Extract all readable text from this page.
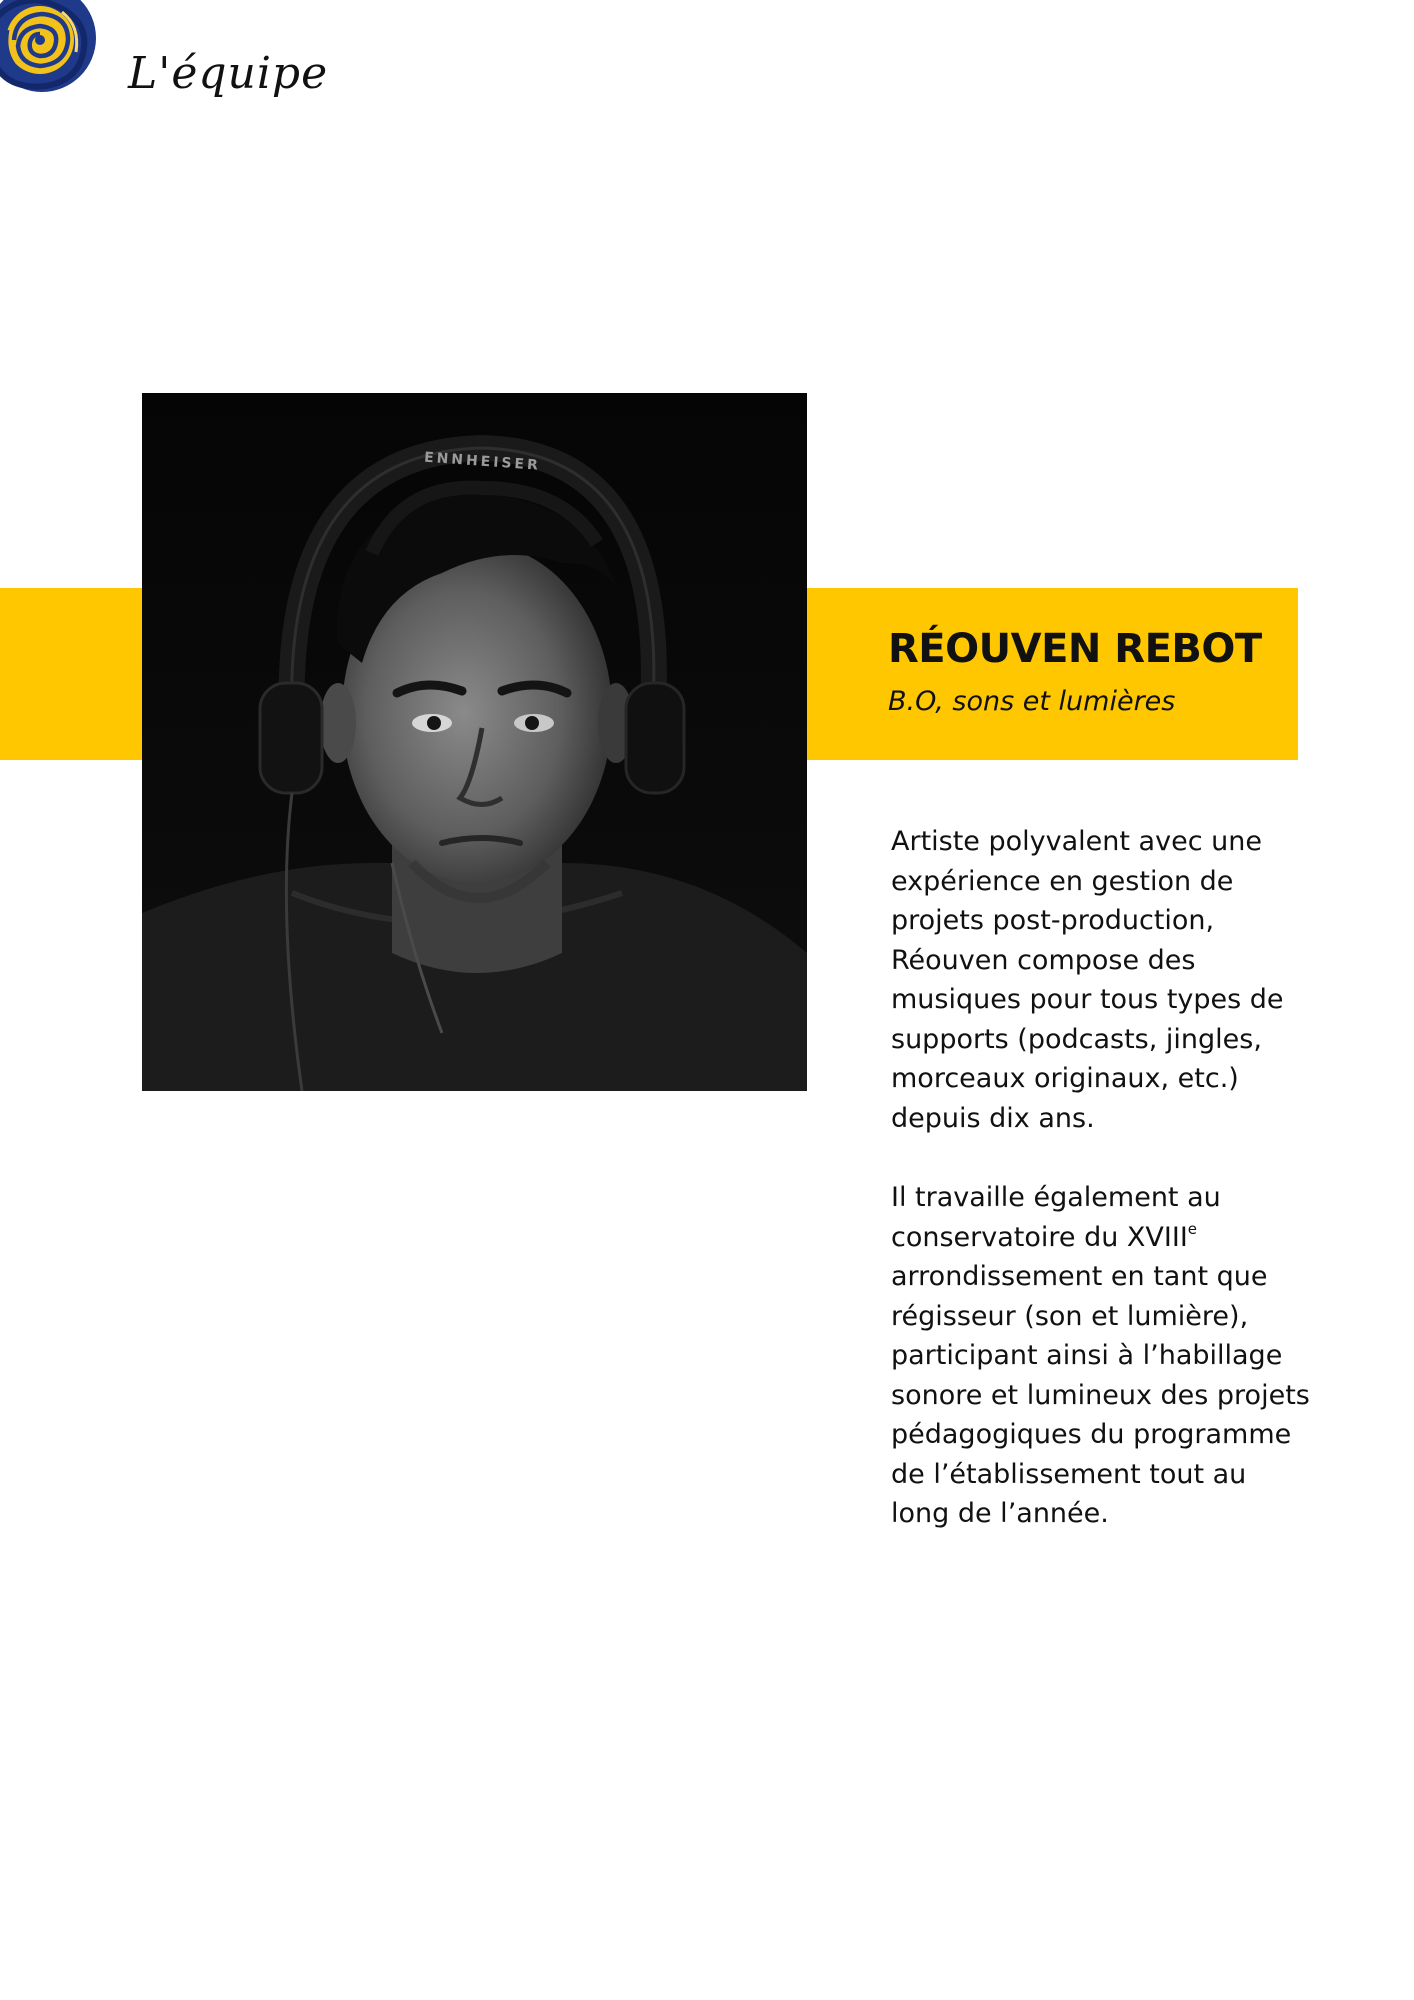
L'équipe
ENNHEISER
RÉOUVEN REBOT
B.O, sons et lumières

Artiste polyvalent avec une expérience en gestion de projets post-production, Réouven compose des musiques pour tous types de supports (podcasts, jingles, morceaux originaux, etc.) depuis dix ans.

Il travaille également au conservatoire du XVIIIe arrondissement en tant que régisseur (son et lumière), participant ainsi à l’habillage sonore et lumineux des projets pédagogiques du programme de l’établissement tout au long de l’année.
